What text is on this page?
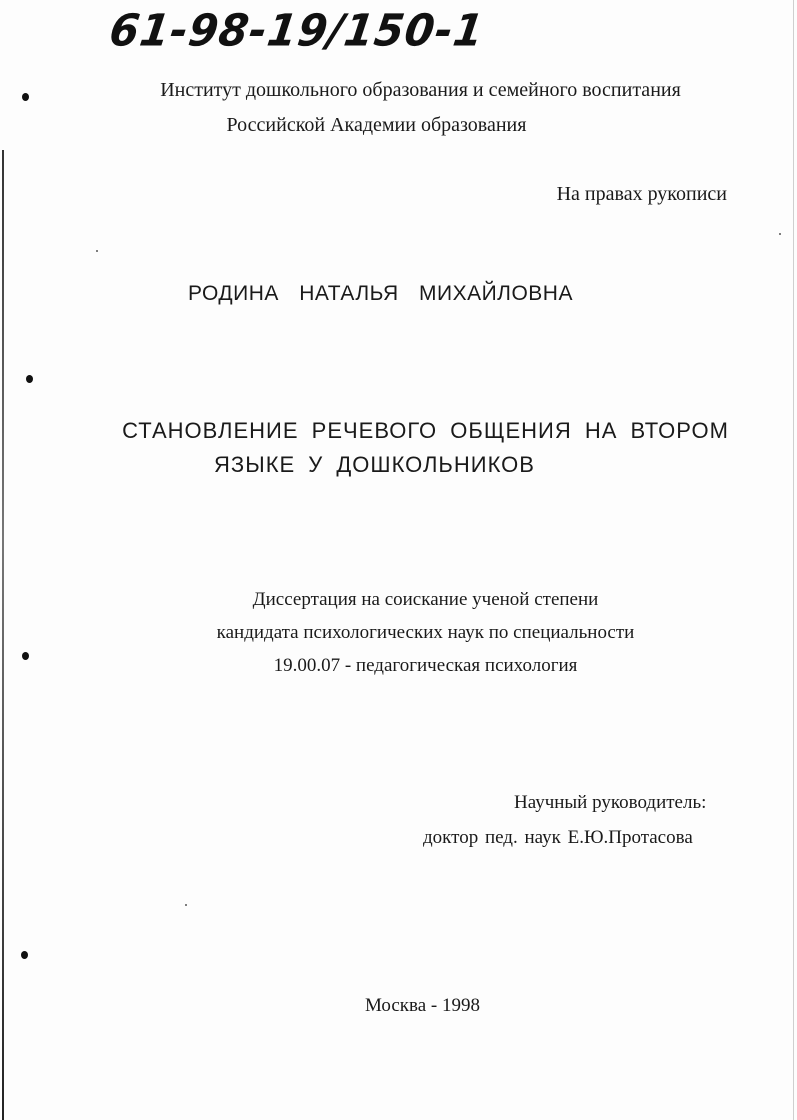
61-98-19/150-1
Институт дошкольного образования и семейного воспитания
Российской Академии образования
На правах рукописи
РОДИНА НАТАЛЬЯ МИХАЙЛОВНА
СТАНОВЛЕНИЕ РЕЧЕВОГО ОБЩЕНИЯ НА ВТОРОМ
ЯЗЫКЕ У ДОШКОЛЬНИКОВ
Диссертация на соискание ученой степени
кандидата психологических наук по специальности
19.00.07 - педагогическая психология
Научный руководитель:
доктор пед. наук Е.Ю.Протасова
Москва - 1998
